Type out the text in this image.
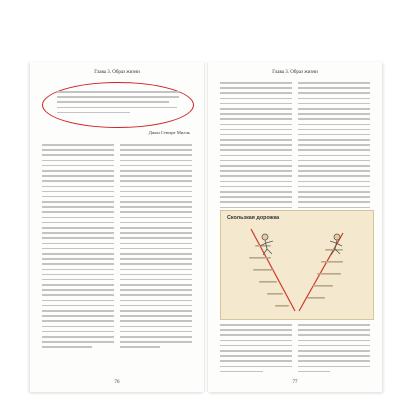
Глава 3. Образ жизни
Джон Стюарт Милль
76
Глава 3. Образ жизни
Скользкая дорожка
77
